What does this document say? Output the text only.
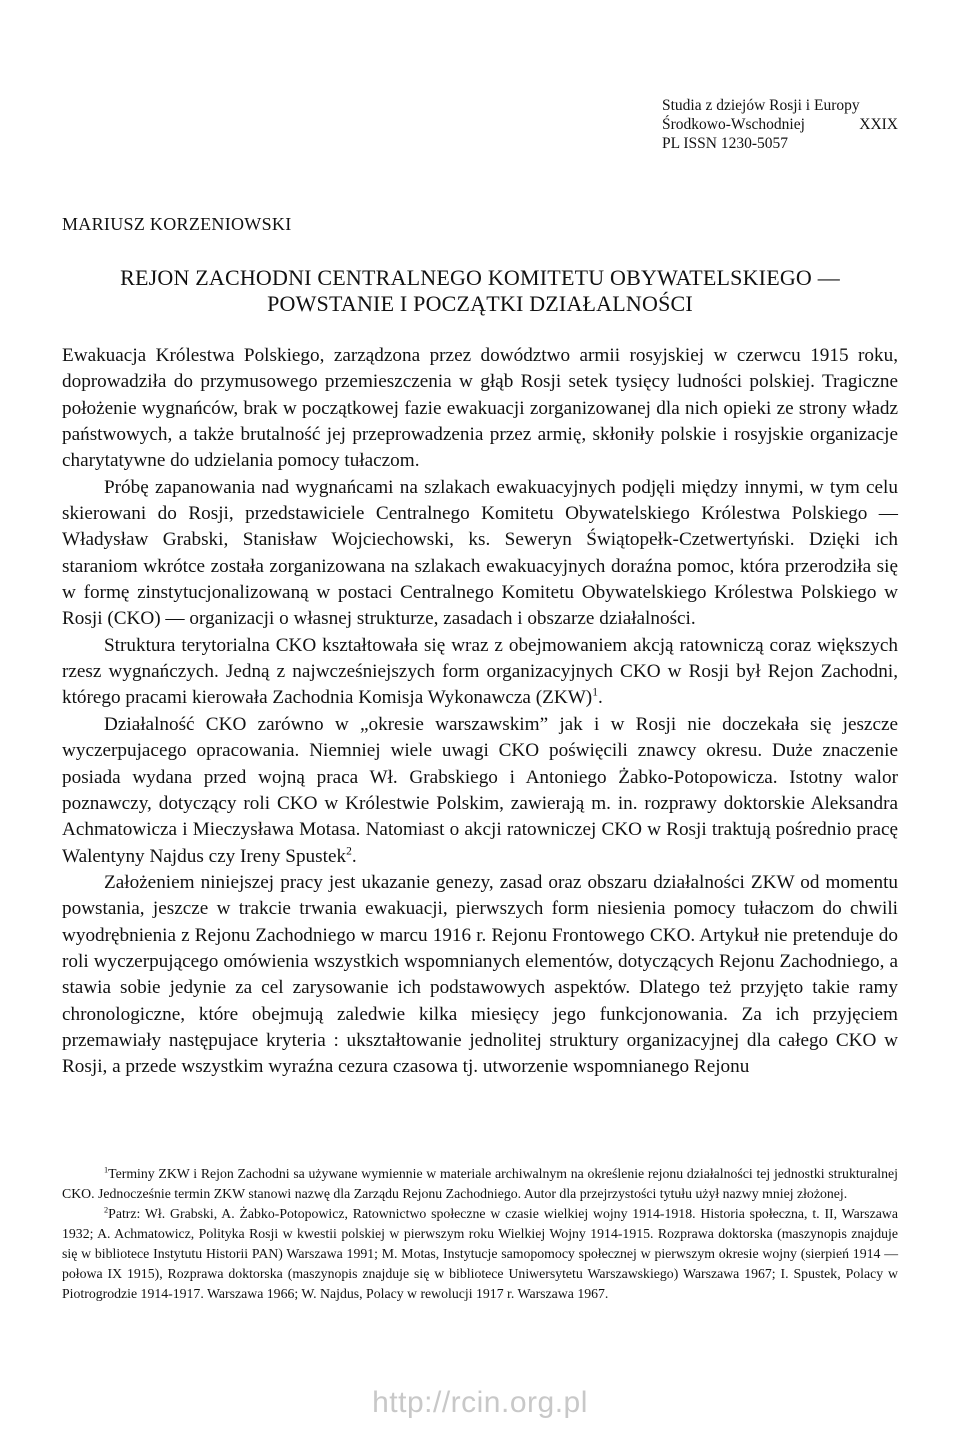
Studia z dziejów Rosji i Europy
Środkowo-Wschodniej	XXIX
PL ISSN 1230-5057
MARIUSZ KORZENIOWSKI
REJON ZACHODNI CENTRALNEGO KOMITETU OBYWATELSKIEGO —
POWSTANIE I POCZĄTKI DZIAŁALNOŚCI

Ewakuacja Królestwa Polskiego, zarządzona przez dowództwo armii rosyjskiej w czerwcu 1915 roku, doprowadziła do przymusowego przemieszczenia w głąb Rosji setek tysięcy ludności polskiej. Tragiczne położenie wygnańców, brak w początkowej fazie ewakuacji zorganizowanej dla nich opieki ze strony władz państwowych, a także brutalność jej przeprowadzenia przez armię, skłoniły polskie i rosyjskie organizacje charytatywne do udzielania pomocy tułaczom.

Próbę zapanowania nad wygnańcami na szlakach ewakuacyjnych podjęli między innymi, w tym celu skierowani do Rosji, przedstawiciele Centralnego Komitetu Obywatelskiego Królestwa Polskiego — Władysław Grabski, Stanisław Wojciechowski, ks. Seweryn Świątopełk-Czetwertyński. Dzięki ich staraniom wkrótce została zorganizowana na szlakach ewakuacyjnych doraźna pomoc, która przerodziła się w formę zinstytucjonalizowaną w postaci Centralnego Komitetu Obywatelskiego Królestwa Polskiego w Rosji (CKO) — organizacji o własnej strukturze, zasadach i obszarze działalności.

Struktura terytorialna CKO kształtowała się wraz z obejmowaniem akcją ratowniczą coraz większych rzesz wygnańczych. Jedną z najwcześniejszych form organizacyjnych CKO w Rosji był Rejon Zachodni, którego pracami kierowała Zachodnia Komisja Wykonawcza (ZKW)$^1$.

Działalność CKO zarówno w „okresie warszawskim” jak i w Rosji nie doczekała się jeszcze wyczerpujacego opracowania. Niemniej wiele uwagi CKO poświęcili znawcy okresu. Duże znaczenie posiada wydana przed wojną praca Wł. Grabskiego i Antoniego Żabko-Potopowicza. Istotny walor poznawczy, dotyczący roli CKO w Królestwie Polskim, zawierają m. in. rozprawy doktorskie Aleksandra Achmatowicza i Mieczysława Motasa. Natomiast o akcji ratowniczej CKO w Rosji traktują pośrednio pracę Walentyny Najdus czy Ireny Spustek$^2$.

Założeniem niniejszej pracy jest ukazanie genezy, zasad oraz obszaru działalności ZKW od momentu powstania, jeszcze w trakcie trwania ewakuacji, pierwszych form niesienia pomocy tułaczom do chwili wyodrębnienia z Rejonu Zachodniego w marcu 1916 r. Rejonu Frontowego CKO. Artykuł nie pretenduje do roli wyczerpującego omówienia wszystkich wspomnianych elementów, dotyczących Rejonu Zachodniego, a stawia sobie jedynie za cel zarysowanie ich podstawowych aspektów. Dlatego też przyjęto takie ramy chronologiczne, które obejmują zaledwie kilka miesięcy jego funkcjonowania. Za ich przyjęciem przemawiały następujace kryteria : ukształtowanie jednolitej struktury organizacyjnej dla całego CKO w Rosji, a przede wszystkim wyraźna cezura czasowa tj. utworzenie wspomnianego Rejonu

$^1$Terminy ZKW i Rejon Zachodni sa używane wymiennie w materiale archiwalnym na określenie rejonu działalności tej jednostki strukturalnej CKO. Jednocześnie termin ZKW stanowi nazwę dla Zarządu Rejonu Zachodniego. Autor dla przejrzystości tytułu użył nazwy mniej złożonej.

$^2$Patrz: Wł. Grabski, A. Żabko-Potopowicz, Ratownictwo społeczne w czasie wielkiej wojny 1914-1918. Historia społeczna, t. II, Warszawa 1932; A. Achmatowicz, Polityka Rosji w kwestii polskiej w pierwszym roku Wielkiej Wojny 1914-1915. Rozprawa doktorska (maszynopis znajduje się w bibliotece Instytutu Historii PAN) Warszawa 1991; M. Motas, Instytucje samopomocy społecznej w pierwszym okresie wojny (sierpień 1914 — połowa IX 1915), Rozprawa doktorska (maszynopis znajduje się w bibliotece Uniwersytetu Warszawskiego) Warszawa 1967; I. Spustek, Polacy w Piotrogrodzie 1914-1917. Warszawa 1966; W. Najdus, Polacy w rewolucji 1917 r. Warszawa 1967.

http://rcin.org.pl
